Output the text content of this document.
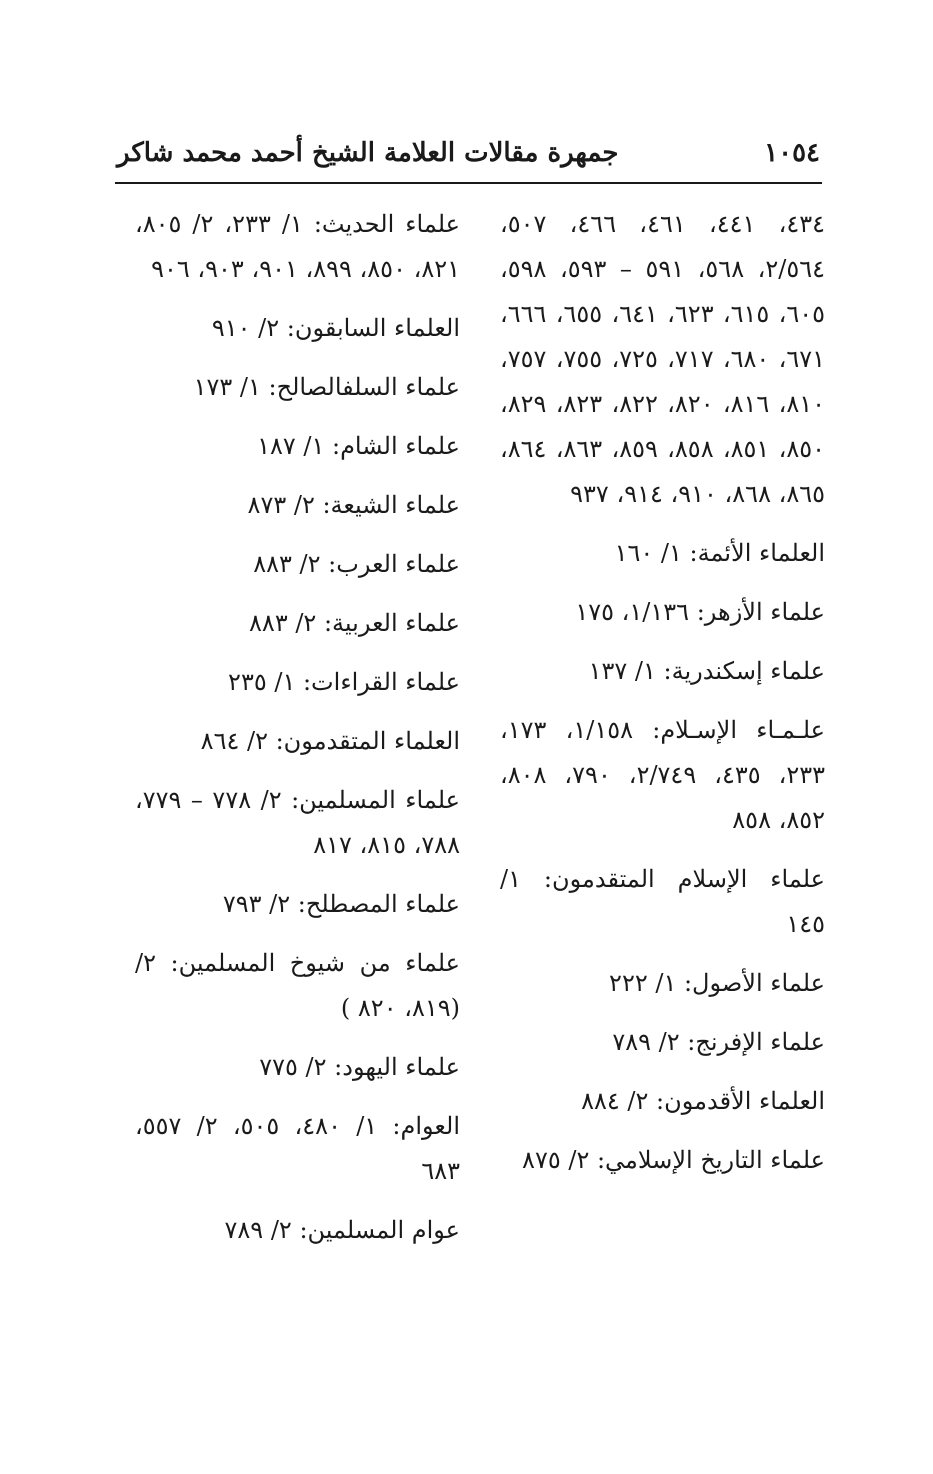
١٠٥٤
جمهرة مقالات العلامة الشيخ أحمد محمد شاكر
٤٣٤، ٤٤١، ٤٦١، ٤٦٦، ٥٠٧، ٢/٥٦٤، ٥٦٨، ٥٩١ – ٥٩٣، ٥٩٨، ٦٠٥، ٦١٥، ٦٢٣، ٦٤١، ٦٥٥، ٦٦٦، ٦٧١، ٦٨٠، ٧١٧، ٧٢٥، ٧٥٥، ٧٥٧، ٨١٠، ٨١٦، ٨٢٠، ٨٢٢، ٨٢٣، ٨٢٩، ٨٥٠، ٨٥١، ٨٥٨، ٨٥٩، ٨٦٣، ٨٦٤، ٨٦٥، ٨٦٨، ٩١٠، ٩١٤، ٩٣٧
العلماء الأئمة: ١/ ١٦٠
علماء الأزهر: ١/١٣٦، ١٧٥
علماء إسكندرية: ١/ ١٣٧
علـمـاء الإسـلام: ١/١٥٨، ١٧٣، ٢٣٣، ٤٣٥، ٢/٧٤٩، ٧٩٠، ٨٠٨، ٨٥٢، ٨٥٨
علماء الإسلام المتقدمون: ١/ ١٤٥
علماء الأصول: ١/ ٢٢٢
علماء الإفرنج: ٢/ ٧٨٩
العلماء الأقدمون: ٢/ ٨٨٤
علماء التاريخ الإسلامي: ٢/ ٨٧٥
علماء الحديث: ١/ ٢٣٣، ٢/ ٨٠٥، ٨٢١، ٨٥٠، ٨٩٩، ٩٠١، ٩٠٣، ٩٠٦
العلماء السابقون: ٢/ ٩١٠
علماء السلفالصالح: ١/ ١٧٣
علماء الشام: ١/ ١٨٧
علماء الشيعة: ٢/ ٨٧٣
علماء العرب: ٢/ ٨٨٣
علماء العربية: ٢/ ٨٨٣
علماء القراءات: ١/ ٢٣٥
العلماء المتقدمون: ٢/ ٨٦٤
علماء المسلمين: ٢/ ٧٧٨ – ٧٧٩، ٧٨٨، ٨١٥، ٨١٧
علماء المصطلح: ٢/ ٧٩٣
علماء من شيوخ المسلمين: ٢/ (٨١٩، ٨٢٠ )
علماء اليهود: ٢/ ٧٧٥
العوام: ١/ ٤٨٠، ٥٠٥، ٢/ ٥٥٧، ٦٨٣
عوام المسلمين: ٢/ ٧٨٩
